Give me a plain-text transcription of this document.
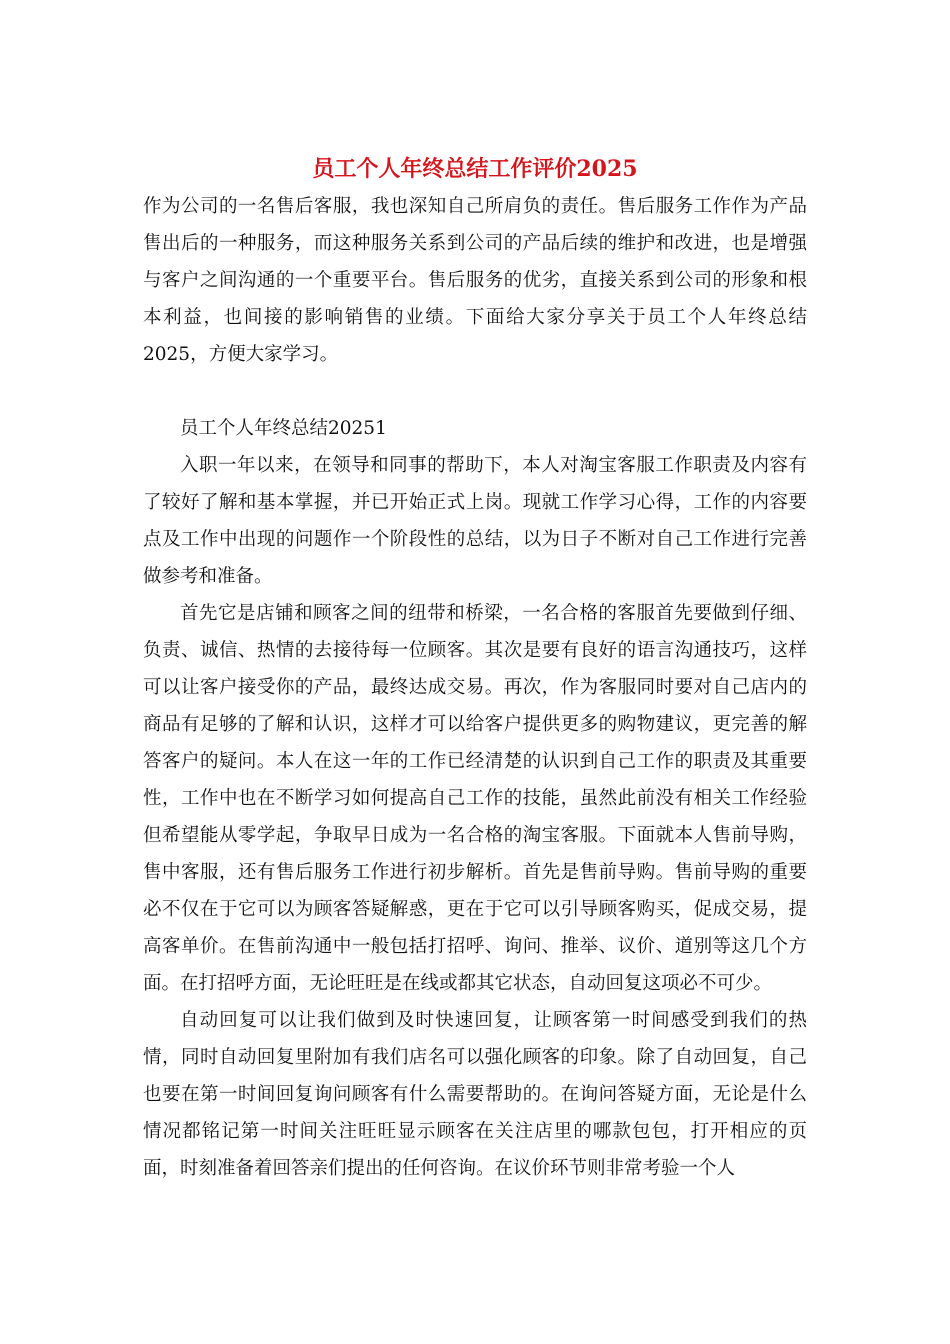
员工个人年终总结工作评价2025

作为公司的一名售后客服，我也深知自己所肩负的责任。售后服务工作作为产品售出后的一种服务，而这种服务关系到公司的产品后续的维护和改进，也是增强与客户之间沟通的一个重要平台。售后服务的优劣，直接关系到公司的形象和根本利益，也间接的影响销售的业绩。下面给大家分享关于员工个人年终总结2025，方便大家学习。

员工个人年终总结20251

入职一年以来，在领导和同事的帮助下，本人对淘宝客服工作职责及内容有了较好了解和基本掌握，并已开始正式上岗。现就工作学习心得，工作的内容要点及工作中出现的问题作一个阶段性的总结，以为日子不断对自己工作进行完善做参考和准备。

首先它是店铺和顾客之间的纽带和桥梁，一名合格的客服首先要做到仔细、负责、诚信、热情的去接待每一位顾客。其次是要有良好的语言沟通技巧，这样可以让客户接受你的产品，最终达成交易。再次，作为客服同时要对自己店内的商品有足够的了解和认识，这样才可以给客户提供更多的购物建议，更完善的解答客户的疑问。本人在这一年的工作已经清楚的认识到自己工作的职责及其重要性，工作中也在不断学习如何提高自己工作的技能，虽然此前没有相关工作经验但希望能从零学起，争取早日成为一名合格的淘宝客服。下面就本人售前导购，售中客服，还有售后服务工作进行初步解析。首先是售前导购。售前导购的重要必不仅在于它可以为顾客答疑解惑，更在于它可以引导顾客购买，促成交易，提高客单价。在售前沟通中一般包括打招呼、询问、推举、议价、道别等这几个方面。在打招呼方面，无论旺旺是在线或都其它状态，自动回复这项必不可少。

自动回复可以让我们做到及时快速回复，让顾客第一时间感受到我们的热情，同时自动回复里附加有我们店名可以强化顾客的印象。除了自动回复，自己也要在第一时间回复询问顾客有什么需要帮助的。在询问答疑方面，无论是什么情况都铭记第一时间关注旺旺显示顾客在关注店里的哪款包包，打开相应的页面，时刻准备着回答亲们提出的任何咨询。在议价环节则非常考验一个人
